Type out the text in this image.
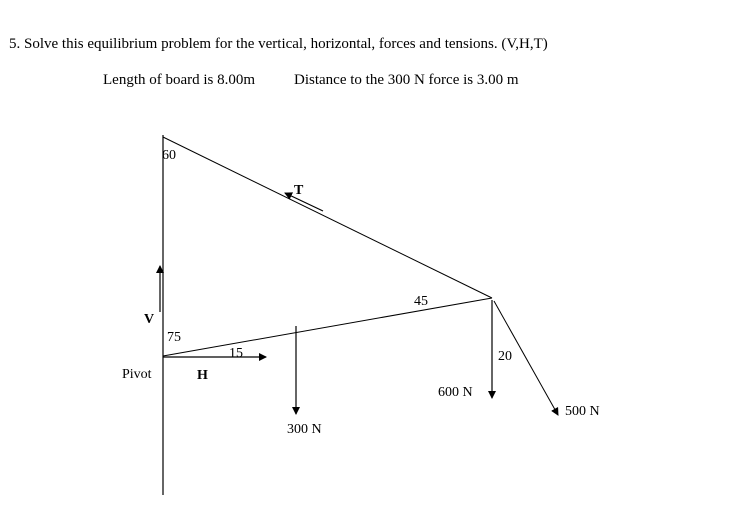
5. Solve this equilibrium problem for the vertical, horizontal, forces and tensions. (V,H,T)
Length of board is 8.00m	Distance to the 300 N force is 3.00 m
60
T
45
V
75
15
Pivot	H
20
600 N
300 N
500 N
